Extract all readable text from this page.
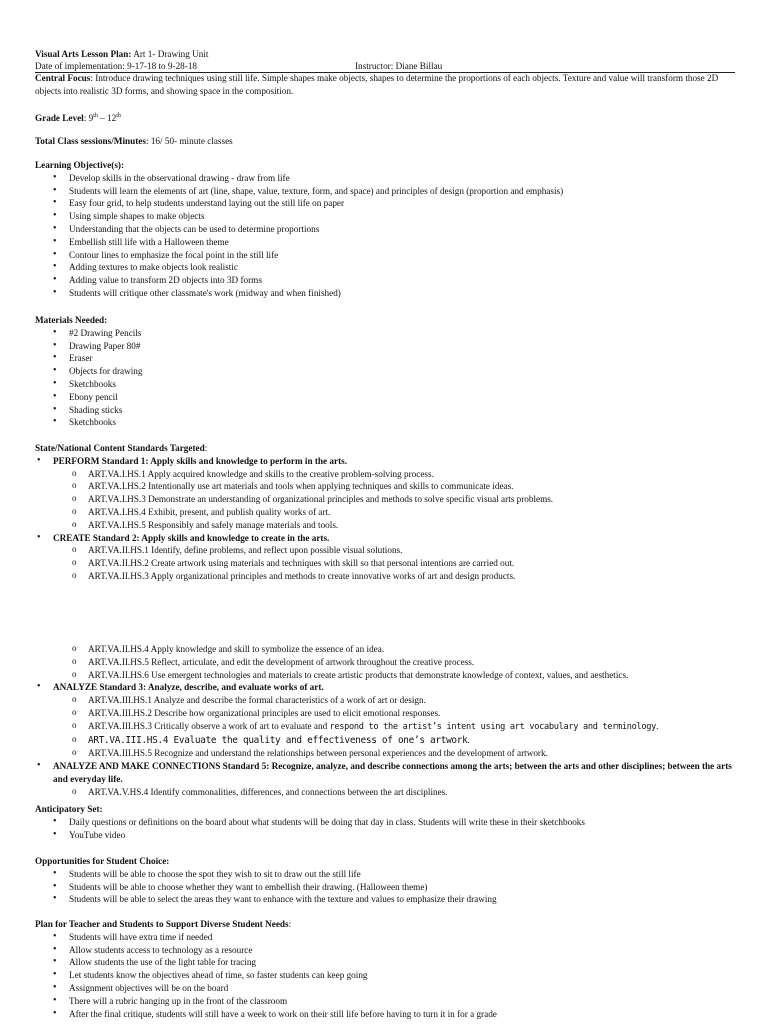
Visual Arts Lesson Plan: Art 1- Drawing Unit
Date of implementation: 9-17-18 to 9-28-18	Instructor: Diane Billau
Central Focus: Introduce drawing techniques using still life. Simple shapes make objects, shapes to determine the proportions of each objects. Texture and value will transform those 2D objects into realistic 3D forms, and showing space in the composition.
Grade Level: 9th – 12th
Total Class sessions/Minutes: 16/ 50- minute classes
Learning Objective(s):
• Develop skills in the observational drawing - draw from life
• Students will learn the elements of art (line, shape, value, texture, form, and space) and principles of design (proportion and emphasis)
• Easy four grid, to help students understand laying out the still life on paper
• Using simple shapes to make objects
• Understanding that the objects can be used to determine proportions
• Embellish still life with a Halloween theme
• Contour lines to emphasize the focal point in the still life
• Adding textures to make objects look realistic
• Adding value to transform 2D objects into 3D forms
• Students will critique other classmate's work (midway and when finished)
Materials Needed:
• #2 Drawing Pencils
• Drawing Paper 80#
• Eraser
• Objects for drawing
• Sketchbooks
• Ebony pencil
• Shading sticks
• Sketchbooks
State/National Content Standards Targeted:
• PERFORM Standard 1: Apply skills and knowledge to perform in the arts.
o ART.VA.I.HS.1 Apply acquired knowledge and skills to the creative problem-solving process.
o ART.VA.I.HS.2 Intentionally use art materials and tools when applying techniques and skills to communicate ideas.
o ART.VA.I.HS.3 Demonstrate an understanding of organizational principles and methods to solve specific visual arts problems.
o ART.VA.I.HS.4 Exhibit, present, and publish quality works of art.
o ART.VA.I.HS.5 Responsibly and safely manage materials and tools.
• CREATE Standard 2: Apply skills and knowledge to create in the arts.
o ART.VA.II.HS.1 Identify, define problems, and reflect upon possible visual solutions.
o ART.VA.II.HS.2 Create artwork using materials and techniques with skill so that personal intentions are carried out.
o ART.VA.II.HS.3 Apply organizational principles and methods to create innovative works of art and design products.
o ART.VA.II.HS.4 Apply knowledge and skill to symbolize the essence of an idea.
o ART.VA.II.HS.5 Reflect, articulate, and edit the development of artwork throughout the creative process.
o ART.VA.II.HS.6 Use emergent technologies and materials to create artistic products that demonstrate knowledge of context, values, and aesthetics.
• ANALYZE Standard 3: Analyze, describe, and evaluate works of art.
o ART.VA.III.HS.1 Analyze and describe the formal characteristics of a work of art or design.
o ART.VA.III.HS.2 Describe how organizational principles are used to elicit emotional responses.
o ART.VA.III.HS.3 Critically observe a work of art to evaluate and respond to the artist’s intent using art vocabulary and terminology.
o ART.VA.III.HS.4 Evaluate the quality and effectiveness of one’s artwork.
o ART.VA.III.HS.5 Recognize and understand the relationships between personal experiences and the development of artwork.
• ANALYZE AND MAKE CONNECTIONS Standard 5: Recognize, analyze, and describe connections among the arts; between the arts and other disciplines; between the arts and everyday life.
o ART.VA.V.HS.4 Identify commonalities, differences, and connections between the art disciplines.
Anticipatory Set:
• Daily questions or definitions on the board about what students will be doing that day in class. Students will write these in their sketchbooks
• YouTube video
Opportunities for Student Choice:
• Students will be able to choose the spot they wish to sit to draw out the still life
• Students will be able to choose whether they want to embellish their drawing. (Halloween theme)
• Students will be able to select the areas they want to enhance with the texture and values to emphasize their drawing
Plan for Teacher and Students to Support Diverse Student Needs:
• Students will have extra time if needed
• Allow students access to technology as a resource
• Allow students the use of the light table for tracing
• Let students know the objectives ahead of time, so faster students can keep going
• Assignment objectives will be on the board
• There will a rubric hanging up in the front of the classroom
• After the final critique, students will still have a week to work on their still life before having to turn it in for a grade
